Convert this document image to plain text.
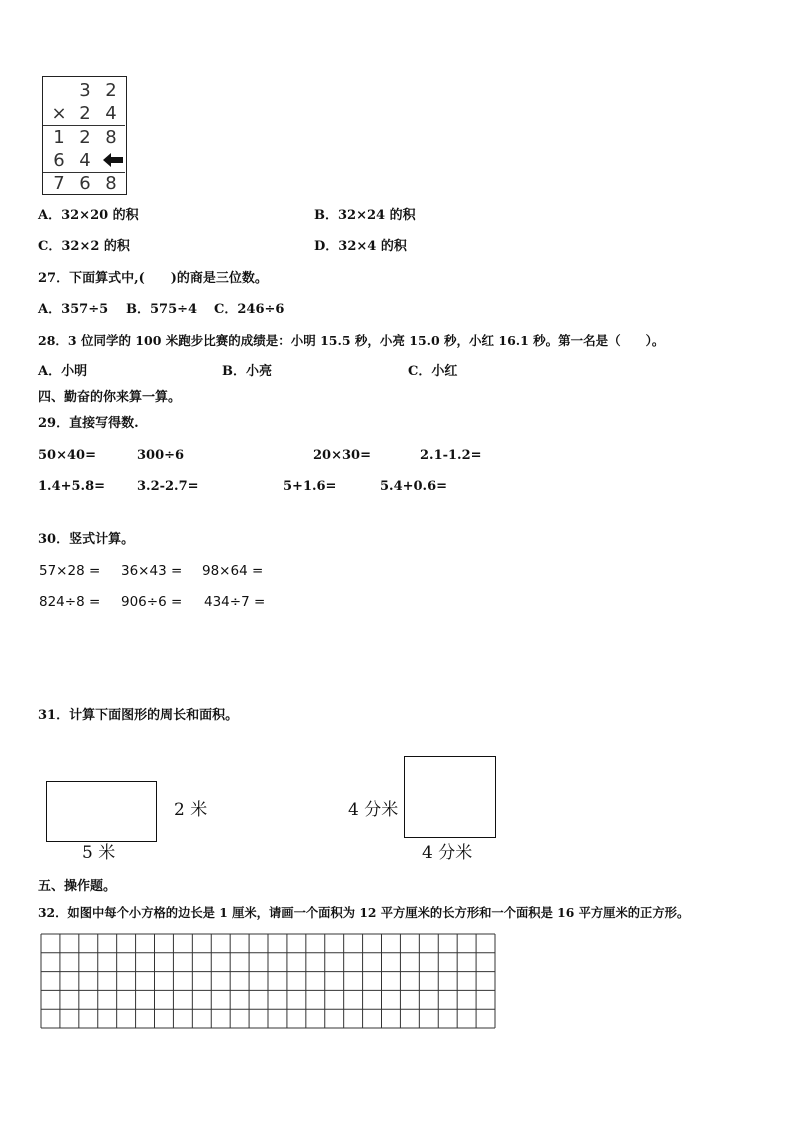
3 2
× 2 4
1 2 8
6 4
7 6 8
A．32×20 的积	B．32×24 的积
C．32×2 的积	D．32×4 的积
27．下面算式中,(　　)的商是三位数。
A．357÷5 B．575÷4 C．246÷6
28．3 位同学的 100 米跑步比赛的成绩是：小明 15.5 秒，小亮 15.0 秒，小红 16.1 秒。第一名是（　　）。
A．小明	B．小亮	C．小红
四、勤奋的你来算一算。
29．直接写得数.
50×40=	300÷6	20×30=	2.1-1.2=
1.4+5.8= 3.2-2.7=	5+1.6=	5.4+0.6=
30．竖式计算。
57×28 = 36×43 = 98×64 =
824÷8 = 906÷6 = 434÷7 =
31．计算下面图形的周长和面积。
2 米
5 米
4 分米
4 分米
五、操作题。
32．如图中每个小方格的边长是 1 厘米，请画一个面积为 12 平方厘米的长方形和一个面积是 16 平方厘米的正方形。
